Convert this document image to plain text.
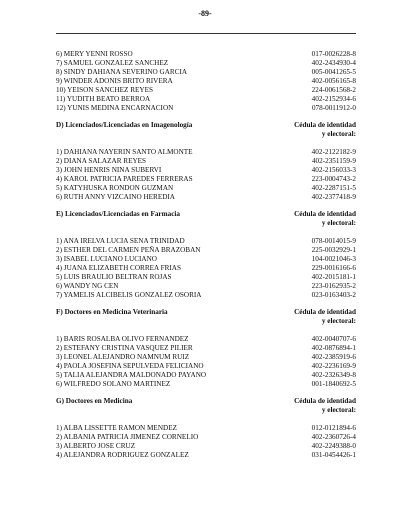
-89-
6) MERY YENNI ROSSO	017-0026228-8
7) SAMUEL GONZALEZ SANCHEZ	402-2434930-4
8) SINDY DAHIANA SEVERINO GARCIA	005-0041265-5
9) WINDER ADONIS BRITO RIVERA	402-0056165-8
10) YEISON SANCHEZ REYES	224-0061568-2
11) YUDITH BEATO BERROA	402-2152934-6
12) YUNIS MEDINA ENCARNACION	078-0011912-0
D) Licenciados/Licenciadas en Imagenología	Cédula de identidad
y electoral:
1) DAHIANA NAYERIN SANTO ALMONTE	402-2122182-9
2) DIANA SALAZAR REYES	402-2351159-9
3) JOHN HENRIS NINA SUBERVI	402-2156033-3
4) KAROL PATRICIA PAREDES FERRERAS	223-0004743-2
5) KATYHUSKA RONDON GUZMAN	402-2287151-5
6) RUTH ANNY VIZCAINO HEREDIA	402-2377418-9
E) Licenciados/Licenciadas en Farmacia	Cédula de identidad
y electoral:
1) ANA IRELVA LUCIA SENA TRINIDAD	078-0014015-9
2) ESTHER DEL CARMEN PEÑA BRAZOBAN	225-0032929-1
3) ISABEL LUCIANO LUCIANO	104-0021046-3
4) JUANA ELIZABETH CORREA FRIAS	229-0016166-6
5) LUIS BRAULIO BELTRAN ROJAS	402-2015181-1
6) WANDY NG CEN	223-0162935-2
7) YAMELIS ALCIBELIS GONZALEZ OSORIA	023-0163403-2
F) Doctores en Medicina Veterinaria	Cédula de identidad
y electoral:
1) BARIS ROSALBA OLIVO FERNANDEZ	402-0040707-6
2) ESTEFANY CRISTINA VASQUEZ PILIER	402-0876894-1
3) LEONEL ALEJANDRO NAMNUM RUIZ	402-2385919-6
4) PAOLA JOSEFINA SEPULVEDA FELICIANO	402-2236169-9
5) TALIA ALEJANDRA MALDONADO PAYANO	402-2326349-8
6) WILFREDO SOLANO MARTINEZ	001-1840692-5
G) Doctores en Medicina	Cédula de identidad
y electoral:
1) ALBA LISSETTE RAMON MENDEZ	012-0121894-6
2) ALBANIA PATRICIA JIMENEZ CORNELIO	402-2360726-4
3) ALBERTO JOSE CRUZ	402-2249388-0
4) ALEJANDRA RODRIGUEZ GONZALEZ	031-0454426-1
